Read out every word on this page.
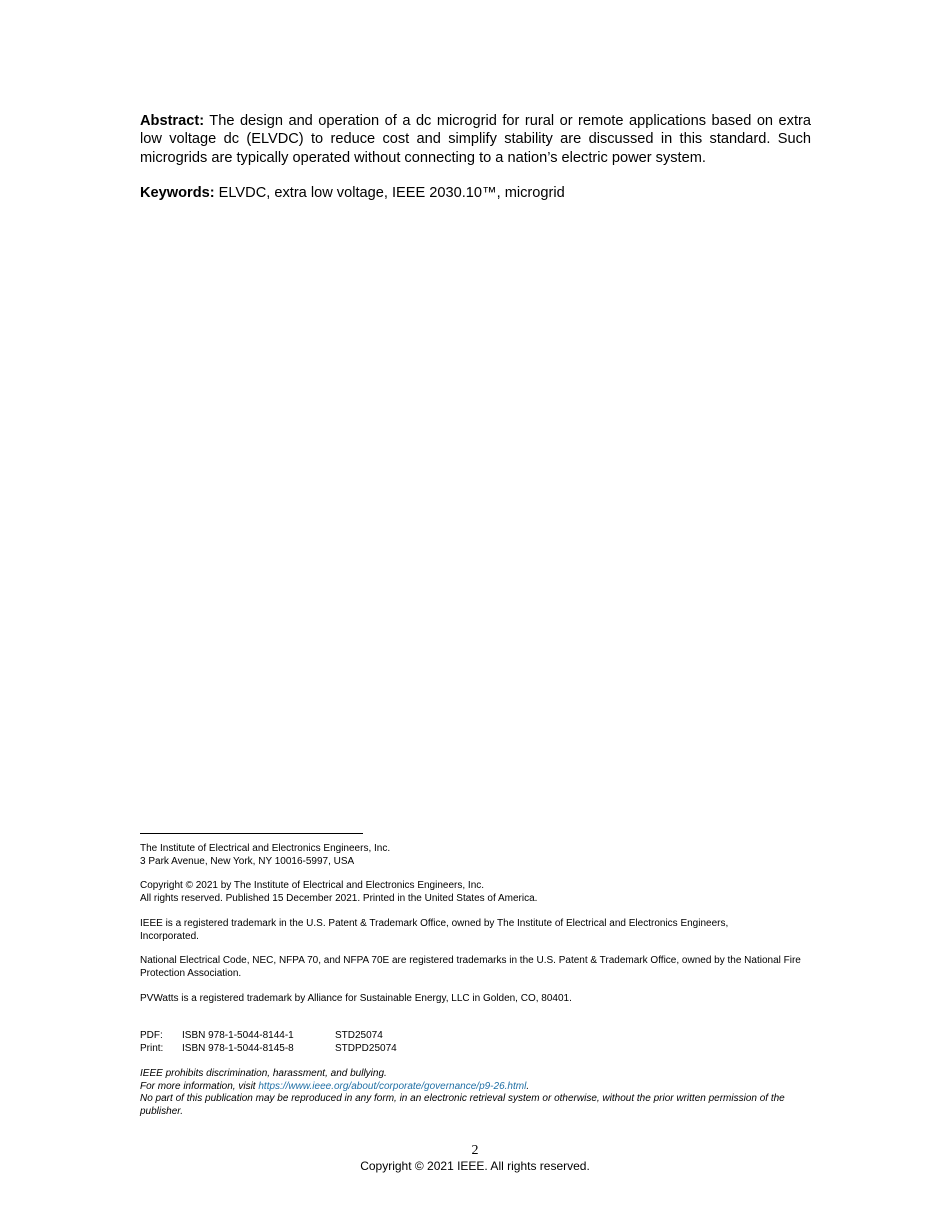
Abstract: The design and operation of a dc microgrid for rural or remote applications based on extra low voltage dc (ELVDC) to reduce cost and simplify stability are discussed in this standard. Such microgrids are typically operated without connecting to a nation’s electric power system.

Keywords: ELVDC, extra low voltage, IEEE 2030.10™, microgrid

The Institute of Electrical and Electronics Engineers, Inc.
3 Park Avenue, New York, NY 10016-5997, USA

Copyright © 2021 by The Institute of Electrical and Electronics Engineers, Inc.
All rights reserved. Published 15 December 2021. Printed in the United States of America.

IEEE is a registered trademark in the U.S. Patent & Trademark Office, owned by The Institute of Electrical and Electronics Engineers, Incorporated.

National Electrical Code, NEC, NFPA 70, and NFPA 70E are registered trademarks in the U.S. Patent & Trademark Office, owned by the National Fire Protection Association.

PVWatts is a registered trademark by Alliance for Sustainable Energy, LLC in Golden, CO, 80401.

PDF:	ISBN 978-1-5044-8144-1	STD25074
Print:	ISBN 978-1-5044-8145-8	STDPD25074

IEEE prohibits discrimination, harassment, and bullying.
For more information, visit https://www.ieee.org/about/corporate/governance/p9-26.html.
No part of this publication may be reproduced in any form, in an electronic retrieval system or otherwise, without the prior written permission of the publisher.

2
Copyright © 2021 IEEE. All rights reserved.
